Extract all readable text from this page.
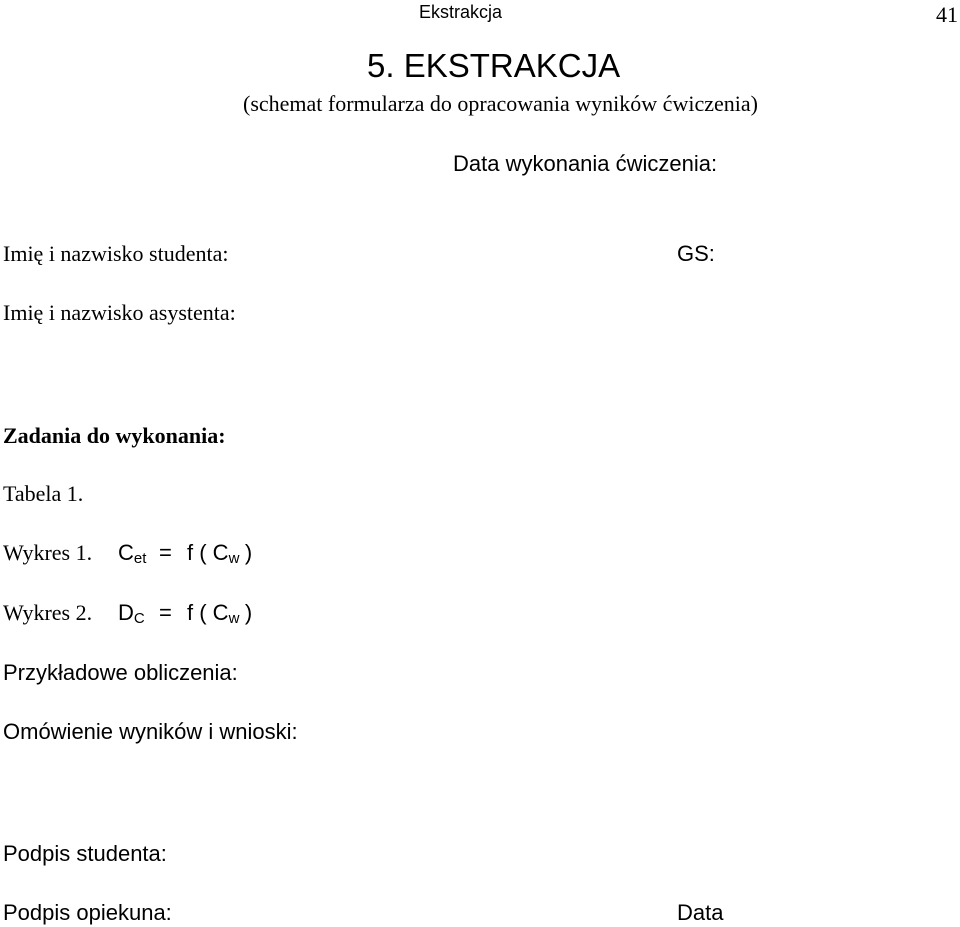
Ekstrakcja	41
5. EKSTRAKCJA
(schemat formularza do opracowania wyników ćwiczenia)
Data wykonania ćwiczenia:
Imię i nazwisko studenta:	GS:
Imię i nazwisko asystenta:
Zadania do wykonania:
Tabela 1.
Wykres 1. $C_{et} = f$ ( $C_w$ )
Wykres 2. $D_C = f$ ( $C_w$ )
Przykładowe obliczenia:
Omówienie wyników i wnioski:
Podpis studenta:
Podpis opiekuna:	Data
